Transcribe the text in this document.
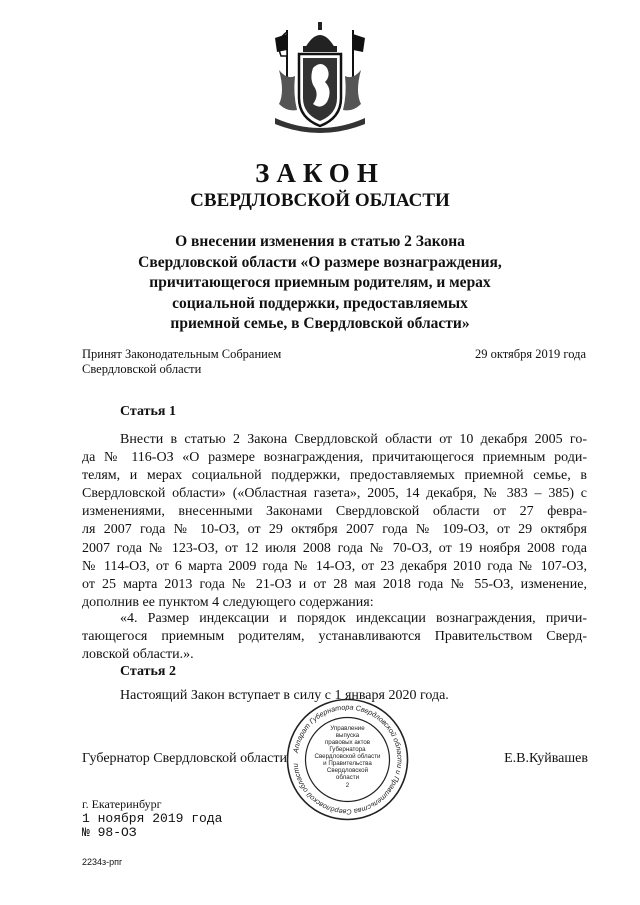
ЗАКОН
СВЕРДЛОВСКОЙ ОБЛАСТИ
О внесении изменения в статью 2 Закона
Свердловской области «О размере вознаграждения,
причитающегося приемным родителям, и мерах
социальной поддержки, предоставляемых
приемной семье, в Свердловской области»
Принят Законодательным Собранием
Свердловской области
29 октября 2019 года
Статья 1
Внести в статью 2 Закона Свердловской области от 10 декабря 2005 го-
да № 116-ОЗ «О размере вознаграждения, причитающегося приемным роди-
телям, и мерах социальной поддержки, предоставляемых приемной семье, в
Свердловской области» («Областная газета», 2005, 14 декабря, № 383 – 385) с
изменениями, внесенными Законами Свердловской области от 27 февра-
ля 2007 года № 10-ОЗ, от 29 октября 2007 года № 109-ОЗ, от 29 октября
2007 года № 123-ОЗ, от 12 июля 2008 года № 70-ОЗ, от 19 ноября 2008 года
№ 114-ОЗ, от 6 марта 2009 года № 14-ОЗ, от 23 декабря 2010 года № 107-ОЗ,
от 25 марта 2013 года № 21-ОЗ и от 28 мая 2018 года № 55-ОЗ, изменение,
дополнив ее пунктом 4 следующего содержания:
«4. Размер индексации и порядок индексации вознаграждения, причи-
тающегося приемным родителям, устанавливаются Правительством Сверд-
ловской области.».
Статья 2
Настоящий Закон вступает в силу с 1 января 2020 года.
Губернатор Свердловской области	Е.В.Куйвашев
Аппарат Губернатора Свердловской области и Правительства Свердловской области
Управление
выпуска
правовых актов
Губернатора
Свердловской области
и Правительства
Свердловской
области
2
г. Екатеринбург
1 ноября 2019 года
№ 98-ОЗ
2234з-рпг
